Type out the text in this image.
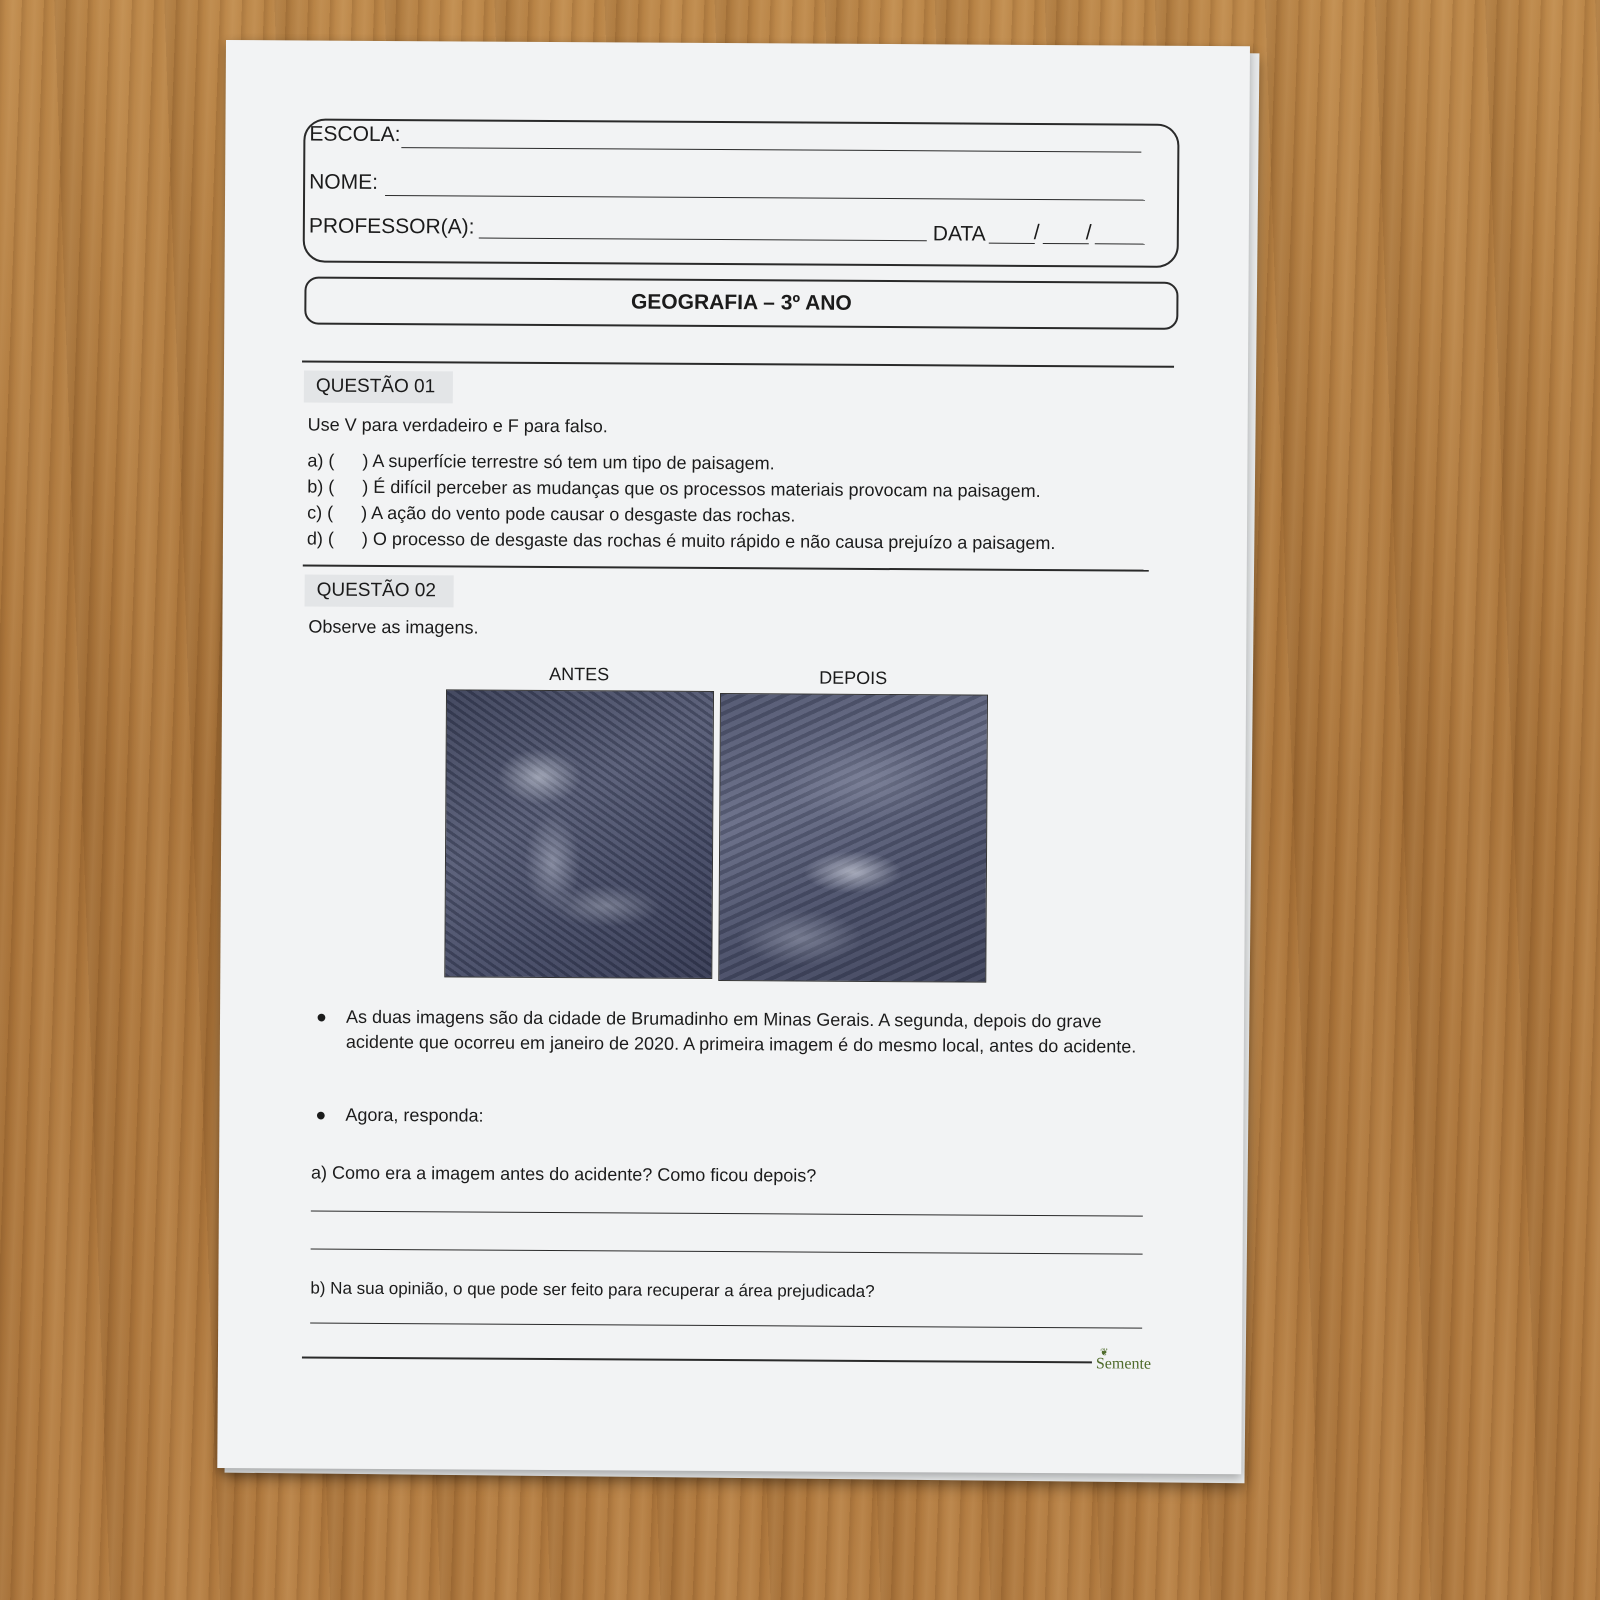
ESCOLA:
NOME:
PROFESSOR(A):	DATA / /
GEOGRAFIA – 3º ANO
QUESTÃO 01
Use V para verdadeiro e F para falso.
a) ( ) A superfície terrestre só tem um tipo de paisagem.
b) ( ) É difícil perceber as mudanças que os processos materiais provocam na paisagem.
c) ( ) A ação do vento pode causar o desgaste das rochas.
d) ( ) O processo de desgaste das rochas é muito rápido e não causa prejuízo a paisagem.
QUESTÃO 02
Observe as imagens.
ANTES	DEPOIS
●	As duas imagens são da cidade de Brumadinho em Minas Gerais. A segunda, depois do grave acidente que ocorreu em janeiro de 2020. A primeira imagem é do mesmo local, antes do acidente.
●	Agora, responda:
a) Como era a imagem antes do acidente? Como ficou depois?
b) Na sua opinião, o que pode ser feito para recuperar a área prejudicada?
❦
Semente
